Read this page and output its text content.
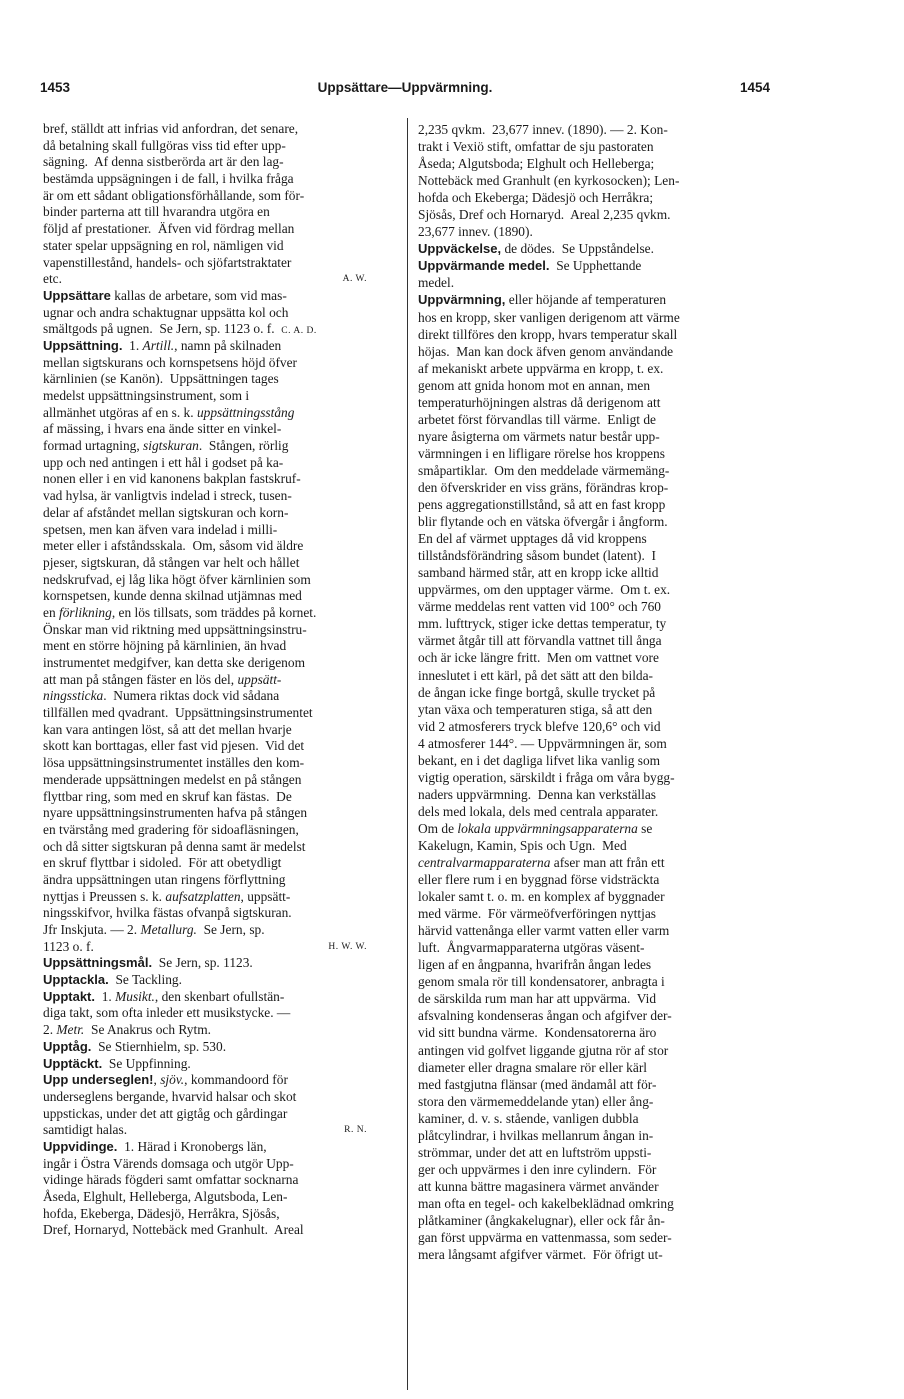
1453	Uppsättare—Uppvärmning.	1454
bref, ställdt att infrias vid anfordran, det senare,
då betalning skall fullgöras viss tid efter upp-
sägning.  Af denna sistberörda art är den lag-
bestämda uppsägningen i de fall, i hvilka fråga
är om ett sådant obligationsförhållande, som för-
binder parterna att till hvarandra utgöra en
följd af prestationer.  Äfven vid fördrag mellan
stater spelar uppsägning en rol, nämligen vid
vapenstillestånd, handels- och sjöfartstraktater
etc.	A. W.
Uppsättare kallas de arbetare, som vid mas-
ugnar och andra schaktugnar uppsätta kol och
smältgods på ugnen.  Se Jern, sp. 1123 o. f.  C. A. D.
Uppsättning.  1. Artill., namn på skilnaden
mellan sigtskurans och kornspetsens höjd öfver
kärnlinien (se Kanön).  Uppsättningen tages
medelst uppsättningsinstrument, som i
allmänhet utgöras af en s. k. uppsättningsstång
af mässing, i hvars ena ände sitter en vinkel-
formad urtagning, sigtskuran.  Stången, rörlig
upp och ned antingen i ett hål i godset på ka-
nonen eller i en vid kanonens bakplan fastskruf-
vad hylsa, är vanligtvis indelad i streck, tusen-
delar af afståndet mellan sigtskuran och korn-
spetsen, men kan äfven vara indelad i milli-
meter eller i afståndsskala.  Om, såsom vid äldre
pjeser, sigtskuran, då stången var helt och hållet
nedskrufvad, ej låg lika högt öfver kärnlinien som
kornspetsen, kunde denna skilnad utjämnas med
en förlikning, en lös tillsats, som träddes på kornet.
Önskar man vid riktning med uppsättningsinstru-
ment en större höjning på kärnlinien, än hvad
instrumentet medgifver, kan detta ske derigenom
att man på stången fäster en lös del, uppsätt-
ningssticka.  Numera riktas dock vid sådana
tillfällen med qvadrant.  Uppsättningsinstrumentet
kan vara antingen löst, så att det mellan hvarje
skott kan borttagas, eller fast vid pjesen.  Vid det
lösa uppsättningsinstrumentet inställes den kom-
menderade uppsättningen medelst en på stången
flyttbar ring, som med en skruf kan fästas.  De
nyare uppsättningsinstrumenten hafva på stången
en tvärstång med gradering för sidoafläsningen,
och då sitter sigtskuran på denna samt är medelst
en skruf flyttbar i sidoled.  För att obetydligt
ändra uppsättningen utan ringens förflyttning
nyttjas i Preussen s. k. aufsatzplatten, uppsätt-
ningsskifvor, hvilka fästas ofvanpå sigtskuran.
Jfr Inskjuta. — 2. Metallurg.  Se Jern, sp.
1123 o. f.	H. W. W.
Uppsättningsmål.  Se Jern, sp. 1123.
Upptackla.  Se Tackling.
Upptakt.  1. Musikt., den skenbart ofullstän-
diga takt, som ofta inleder ett musikstycke. —
2. Metr.  Se Anakrus och Rytm.
Upptåg.  Se Stiernhielm, sp. 530.
Upptäckt.  Se Uppfinning.
Upp underseglen!, sjöv., kommandoord för
underseglens bergande, hvarvid halsar och skot
uppstickas, under det att gigtåg och gårdingar
samtidigt halas.	R. N.
Uppvidinge.  1. Härad i Kronobergs län,
ingår i Östra Värends domsaga och utgör Upp-
vidinge härads fögderi samt omfattar socknarna
Åseda, Elghult, Helleberga, Algutsboda, Len-
hofda, Ekeberga, Dädesjö, Herråkra, Sjösås,
Dref, Hornaryd, Nottebäck med Granhult.  Areal
2,235 qvkm.  23,677 innev. (1890). — 2. Kon-
trakt i Vexiö stift, omfattar de sju pastoraten
Åseda; Algutsboda; Elghult och Helleberga;
Nottebäck med Granhult (en kyrkosocken); Len-
hofda och Ekeberga; Dädesjö och Herråkra;
Sjösås, Dref och Hornaryd.  Areal 2,235 qvkm.
23,677 innev. (1890).
Uppväckelse, de dödes.  Se Uppståndelse.
Uppvärmande medel.  Se Upphettande
medel.
Uppvärmning, eller höjande af temperaturen
hos en kropp, sker vanligen derigenom att värme
direkt tillföres den kropp, hvars temperatur skall
höjas.  Man kan dock äfven genom användande
af mekaniskt arbete uppvärma en kropp, t. ex.
genom att gnida honom mot en annan, men
temperaturhöjningen alstras då derigenom att
arbetet först förvandlas till värme.  Enligt de
nyare åsigterna om värmets natur består upp-
värmningen i en lifligare rörelse hos kroppens
småpartiklar.  Om den meddelade värmemäng-
den öfverskrider en viss gräns, förändras krop-
pens aggregationstillstånd, så att en fast kropp
blir flytande och en vätska öfvergår i ångform.
En del af värmet upptages då vid kroppens
tillståndsförändring såsom bundet (latent).  I
samband härmed står, att en kropp icke alltid
uppvärmes, om den upptager värme.  Om t. ex.
värme meddelas rent vatten vid 100° och 760
mm. lufttryck, stiger icke dettas temperatur, ty
värmet åtgår till att förvandla vattnet till ånga
och är icke längre fritt.  Men om vattnet vore
inneslutet i ett kärl, på det sätt att den bilda-
de ångan icke finge bortgå, skulle trycket på
ytan växa och temperaturen stiga, så att den
vid 2 atmosferers tryck blefve 120,6° och vid
4 atmosferer 144°. — Uppvärmningen är, som
bekant, en i det dagliga lifvet lika vanlig som
vigtig operation, särskildt i fråga om våra bygg-
naders uppvärmning.  Denna kan verkställas
dels med lokala, dels med centrala apparater.
Om de lokala uppvärmningsapparaterna se
Kakelugn, Kamin, Spis och Ugn.  Med
centralvarmapparaterna afser man att från ett
eller flere rum i en byggnad förse vidsträckta
lokaler samt t. o. m. en komplex af byggnader
med värme.  För värmeöfverföringen nyttjas
härvid vattenånga eller varmt vatten eller varm
luft.  Ångvarmapparaterna utgöras väsent-
ligen af en ångpanna, hvarifrån ångan ledes
genom smala rör till kondensatorer, anbragta i
de särskilda rum man har att uppvärma.  Vid
afsvalning kondenseras ångan och afgifver der-
vid sitt bundna värme.  Kondensatorerna äro
antingen vid golfvet liggande gjutna rör af stor
diameter eller dragna smalare rör eller kärl
med fastgjutna flänsar (med ändamål att för-
stora den värmemeddelande ytan) eller ång-
kaminer, d. v. s. stående, vanligen dubbla
plåtcylindrar, i hvilkas mellanrum ångan in-
strömmar, under det att en luftström uppsti-
ger och uppvärmes i den inre cylindern.  För
att kunna bättre magasinera värmet använder
man ofta en tegel- och kakelbeklädnad omkring
plåtkaminer (ångkakelugnar), eller ock får ån-
gan först uppvärma en vattenmassa, som seder-
mera långsamt afgifver värmet.  För öfrigt ut-
